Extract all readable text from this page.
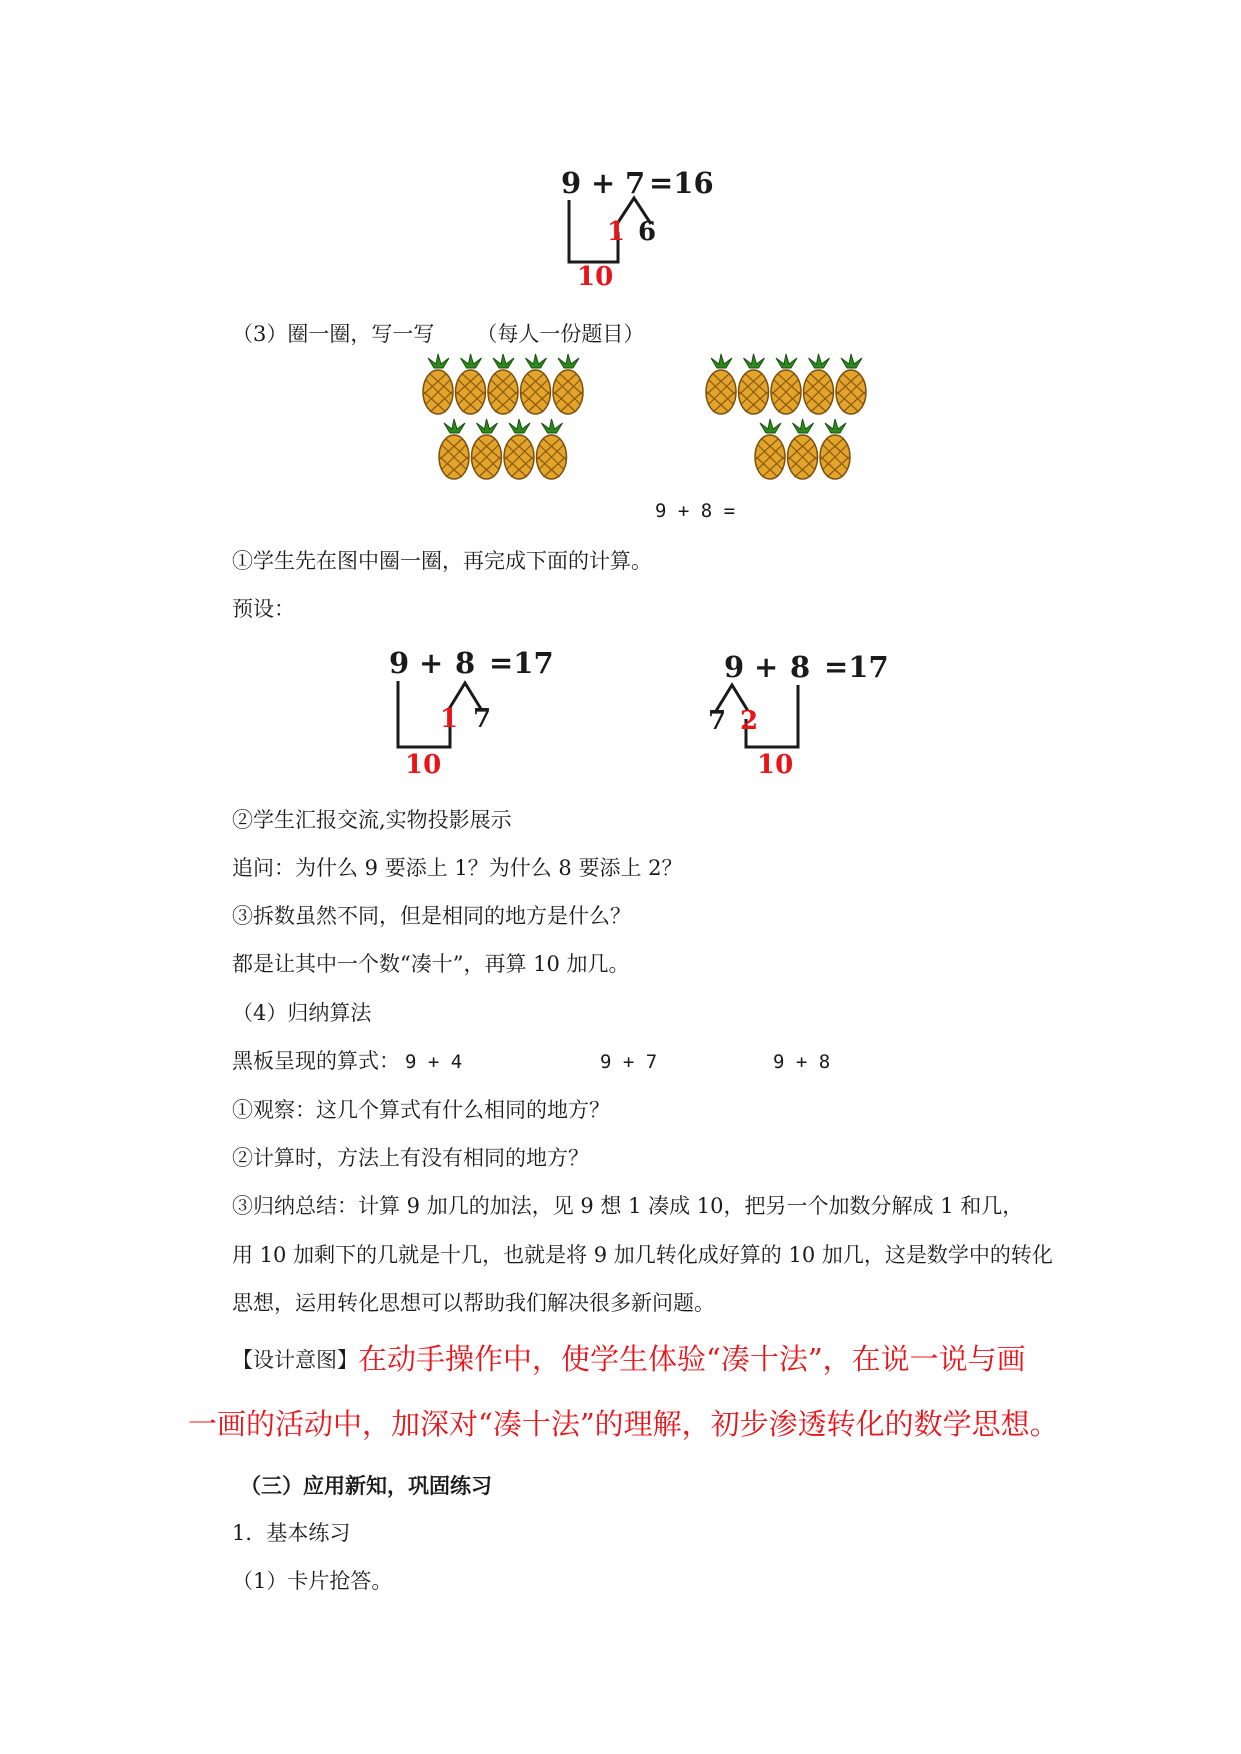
9 + 7 =16
1 6
10
（3）圈一圈，写一写 （每人一份题目）
9 + 8 =
①学生先在图中圈一圈，再完成下面的计算。
预设：
9 + 8 =17
1 7
10
9 + 8 =17
7 2
10
②学生汇报交流,实物投影展示
追问：为什么 9 要添上 1？为什么 8 要添上 2？
③拆数虽然不同，但是相同的地方是什么？
都是让其中一个数“凑十”，再算 10 加几。
（4）归纳算法
黑板呈现的算式： 9 + 4	9 + 7	9 + 8
①观察：这几个算式有什么相同的地方？
②计算时，方法上有没有相同的地方？
③归纳总结：计算 9 加几的加法，见 9 想 1 凑成 10，把另一个加数分解成 1 和几，
用 10 加剩下的几就是十几，也就是将 9 加几转化成好算的 10 加几，这是数学中的转化
思想，运用转化思想可以帮助我们解决很多新问题。
【设计意图】在动手操作中，使学生体验“凑十法”，在说一说与画
一画的活动中，加深对“凑十法”的理解，初步渗透转化的数学思想。
（三）应用新知，巩固练习
1．基本练习
（1）卡片抢答。
